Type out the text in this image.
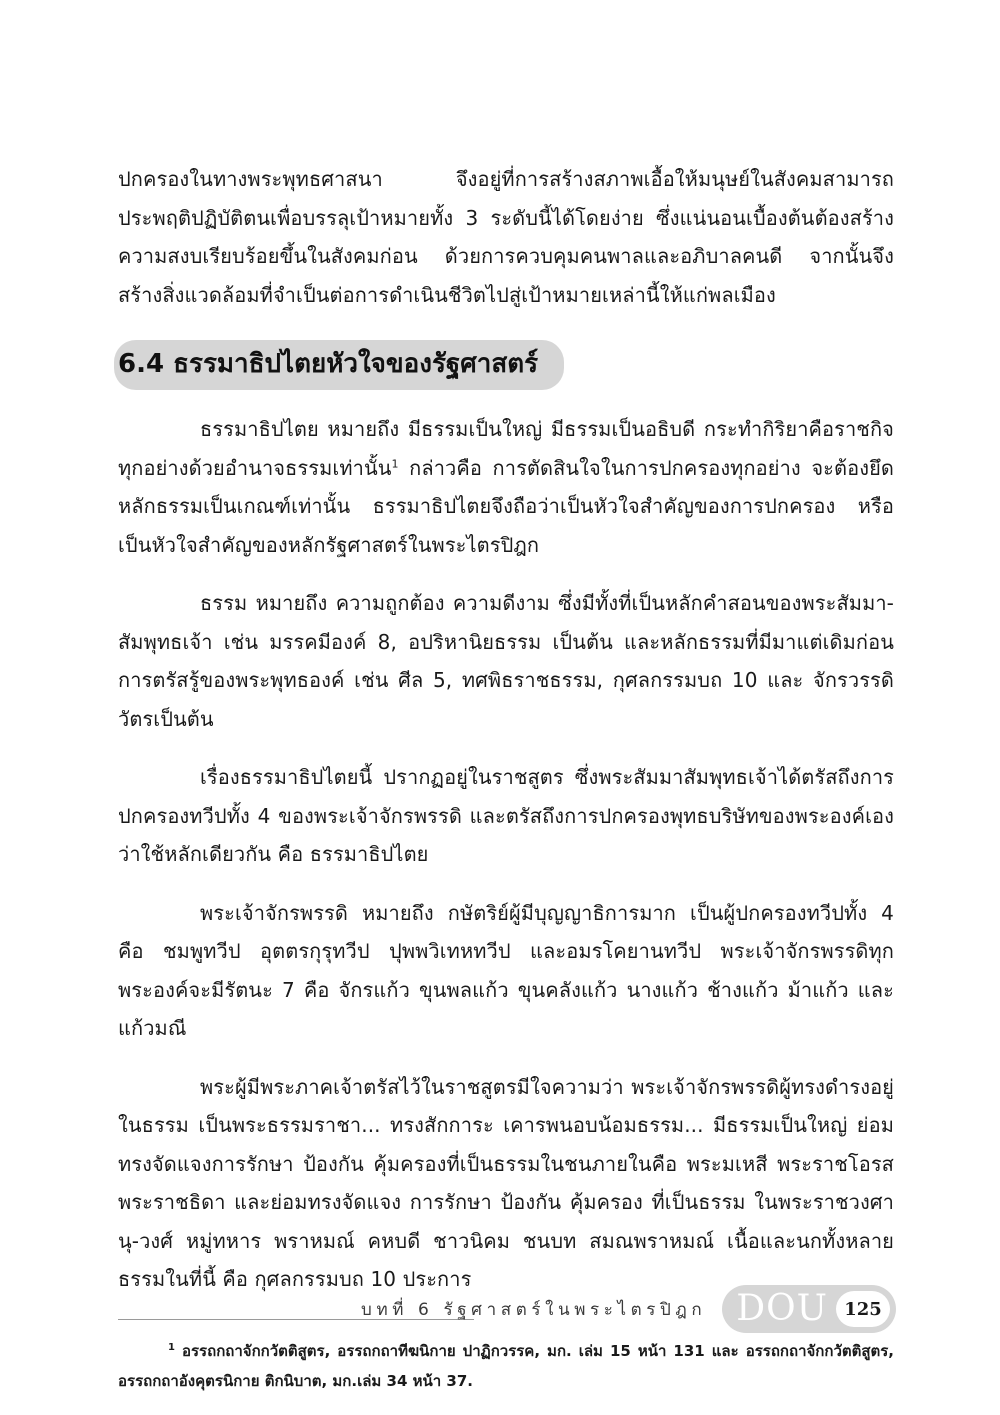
ปกครองในทางพระพุทธศาสนา จึงอยู่ที่การสร้างสภาพเอื้อให้มนุษย์ในสังคมสามารถประพฤติปฏิบัติตนเพื่อบรรลุเป้าหมายทั้ง 3 ระดับนี้ได้โดยง่าย ซึ่งแน่นอนเบื้องต้นต้องสร้างความสงบเรียบร้อยขึ้นในสังคมก่อน ด้วยการควบคุมคนพาลและอภิบาลคนดี จากนั้นจึงสร้างสิ่งแวดล้อมที่จำเป็นต่อการดำเนินชีวิตไปสู่เป้าหมายเหล่านี้ให้แก่พลเมือง

6.4 ธรรมาธิปไตยหัวใจของรัฐศาสตร์

ธรรมาธิปไตย หมายถึง มีธรรมเป็นใหญ่ มีธรรมเป็นอธิบดี กระทำกิริยาคือราชกิจทุกอย่างด้วยอำนาจธรรมเท่านั้น$^1$ กล่าวคือ การตัดสินใจในการปกครองทุกอย่าง จะต้องยึดหลักธรรมเป็นเกณฑ์เท่านั้น ธรรมาธิปไตยจึงถือว่าเป็นหัวใจสำคัญของการปกครอง หรือเป็นหัวใจสำคัญของหลักรัฐศาสตร์ในพระไตรปิฎก

ธรรม หมายถึง ความถูกต้อง ความดีงาม ซึ่งมีทั้งที่เป็นหลักคำสอนของพระสัมมา-สัมพุทธเจ้า เช่น มรรคมีองค์ 8, อปริหานิยธรรม เป็นต้น และหลักธรรมที่มีมาแต่เดิมก่อนการตรัสรู้ของพระพุทธองค์ เช่น ศีล 5, ทศพิธราชธรรม, กุศลกรรมบถ 10 และ จักรวรรดิวัตรเป็นต้น

เรื่องธรรมาธิปไตยนี้ ปรากฏอยู่ในราชสูตร ซึ่งพระสัมมาสัมพุทธเจ้าได้ตรัสถึงการปกครองทวีปทั้ง 4 ของพระเจ้าจักรพรรดิ และตรัสถึงการปกครองพุทธบริษัทของพระองค์เองว่าใช้หลักเดียวกัน คือ ธรรมาธิปไตย

พระเจ้าจักรพรรดิ หมายถึง กษัตริย์ผู้มีบุญญาธิการมาก เป็นผู้ปกครองทวีปทั้ง 4 คือ ชมพูทวีป อุตตรกุรุทวีป ปุพพวิเทหทวีป และอมรโคยานทวีป พระเจ้าจักรพรรดิทุกพระองค์จะมีรัตนะ 7 คือ จักรแก้ว ขุนพลแก้ว ขุนคลังแก้ว นางแก้ว ช้างแก้ว ม้าแก้ว และแก้วมณี

พระผู้มีพระภาคเจ้าตรัสไว้ในราชสูตรมีใจความว่า พระเจ้าจักรพรรดิผู้ทรงดำรงอยู่ในธรรม เป็นพระธรรมราชา... ทรงสักการะ เคารพนอบน้อมธรรม... มีธรรมเป็นใหญ่ ย่อมทรงจัดแจงการรักษา ป้องกัน คุ้มครองที่เป็นธรรมในชนภายในคือ พระมเหสี พระราชโอรส พระราชธิดา และย่อมทรงจัดแจง การรักษา ป้องกัน คุ้มครอง ที่เป็นธรรม ในพระราชวงศานุ-วงศ์ หมู่ทหาร พราหมณ์ คหบดี ชาวนิคม ชนบท สมณพราหมณ์ เนื้อและนกทั้งหลาย ธรรมในที่นี้ คือ กุศลกรรมบถ 10 ประการ

$^1$ อรรถกถาจักกวัตติสูตร, อรรถกถาทีฆนิกาย ปาฏิกวรรค, มก. เล่ม 15 หน้า 131 และ อรรถกถาจักกวัตติสูตร, อรรถกถาอังคุตรนิกาย ติกนิบาต, มก.เล่ม 34 หน้า 37.

บทที่ 6 รัฐศาสตร์ในพระไตรปิฎก DOU 125
